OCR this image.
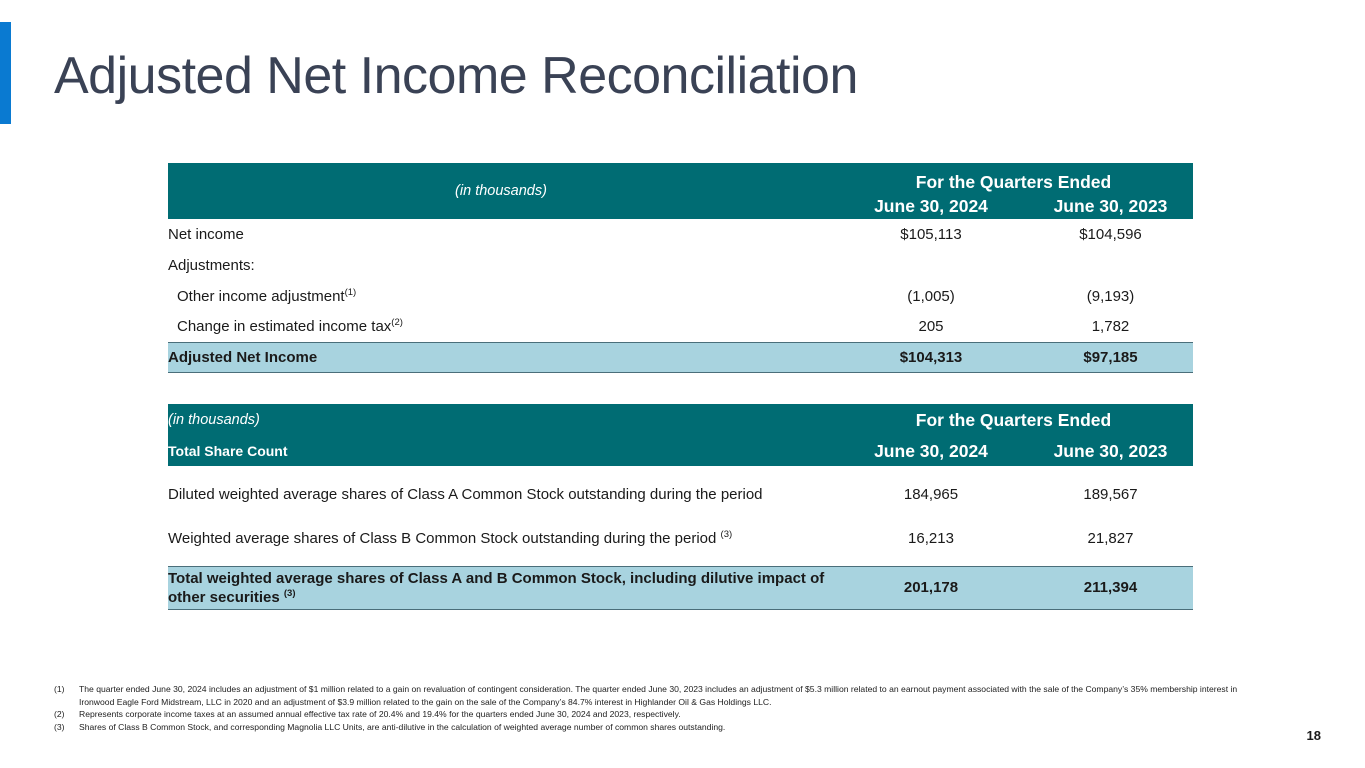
Adjusted Net Income Reconciliation
(in thousands)	For the Quarters Ended	
	June 30, 2024	June 30, 2023
Net income	$105,113	$104,596
Adjustments:		
Other income adjustment$^{(1)}$	(1,005)	(9,193)
Change in estimated income tax$^{(2)}$	205	1,782
Adjusted Net Income	$104,313	$97,185
(in thousands)	For the Quarters Ended	
Total Share Count	June 30, 2024	June 30, 2023
Diluted weighted average shares of Class A Common Stock outstanding during the period	184,965	189,567
Weighted average shares of Class B Common Stock outstanding during the period $^{(3)}$	16,213	21,827

Total weighted average shares of Class A and B Common Stock, including dilutive impact of
other securities $^{(3)}$	201,178	211,394
(1)	The quarter ended June 30, 2024 includes an adjustment of $1 million related to a gain on revaluation of contingent consideration. The quarter ended June 30, 2023 includes an adjustment of $5.3 million related to an earnout payment associated with the sale of the Company’s 35% membership interest in Ironwood Eagle Ford Midstream, LLC in 2020 and an adjustment of $3.9 million related to the gain on the sale of the Company’s 84.7% interest in Highlander Oil & Gas Holdings LLC.
(2)	Represents corporate income taxes at an assumed annual effective tax rate of 20.4% and 19.4% for the quarters ended June 30, 2024 and 2023, respectively.
(3)	Shares of Class B Common Stock, and corresponding Magnolia LLC Units, are anti-dilutive in the calculation of weighted average number of common shares outstanding.
18
